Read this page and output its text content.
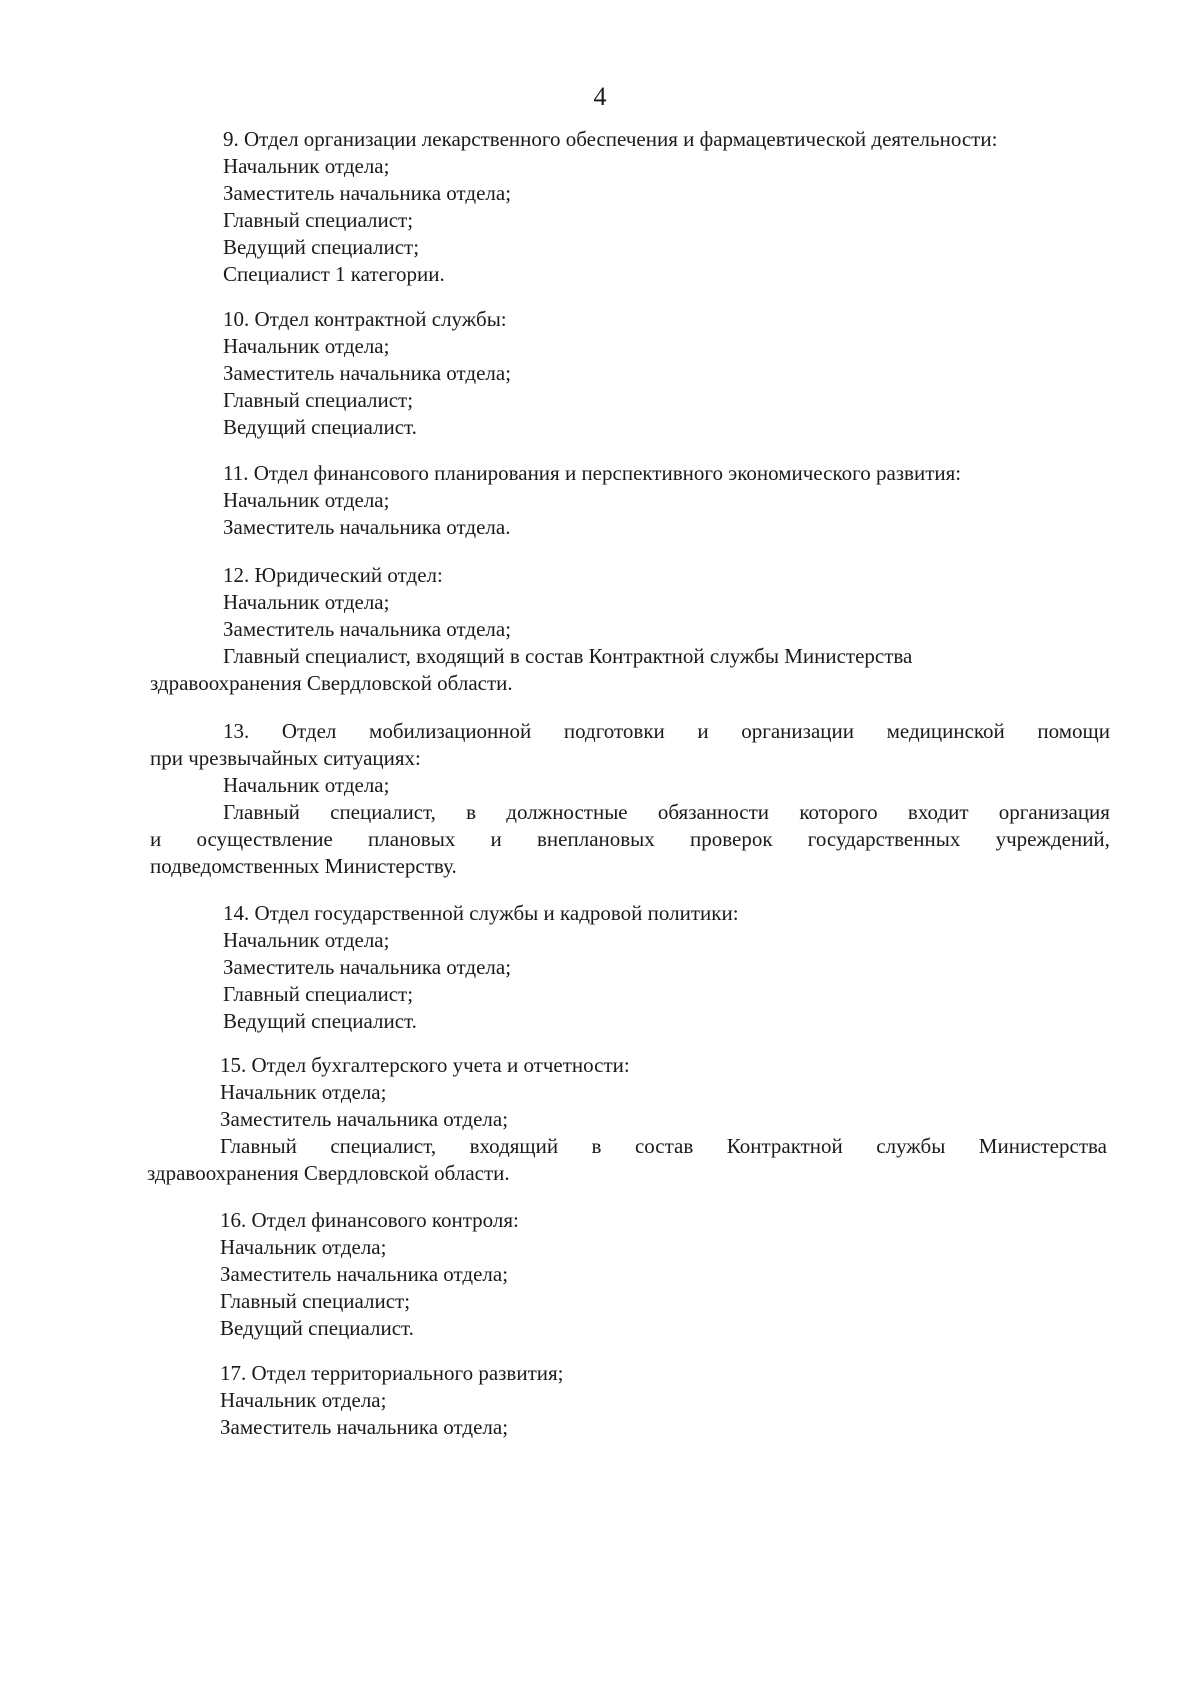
4
9. Отдел организации лекарственного обеспечения и фармацевтической деятельности:
Начальник отдела;
Заместитель начальника отдела;
Главный специалист;
Ведущий специалист;
Специалист 1 категории.
10. Отдел контрактной службы:
Начальник отдела;
Заместитель начальника отдела;
Главный специалист;
Ведущий специалист.
11. Отдел финансового планирования и перспективного экономического развития:
Начальник отдела;
Заместитель начальника отдела.
12. Юридический отдел:
Начальник отдела;
Заместитель начальника отдела;
Главный специалист, входящий в состав Контрактной службы Министерства
здравоохранения Свердловской области.
13. Отдел мобилизационной подготовки и организации медицинской помощи
при чрезвычайных ситуациях:
Начальник отдела;
Главный специалист, в должностные обязанности которого входит организация
и осуществление плановых и внеплановых проверок государственных учреждений,
подведомственных Министерству.
14. Отдел государственной службы и кадровой политики:
Начальник отдела;
Заместитель начальника отдела;
Главный специалист;
Ведущий специалист.
15. Отдел бухгалтерского учета и отчетности:
Начальник отдела;
Заместитель начальника отдела;
Главный специалист, входящий в состав Контрактной службы Министерства
здравоохранения Свердловской области.
16. Отдел финансового контроля:
Начальник отдела;
Заместитель начальника отдела;
Главный специалист;
Ведущий специалист.
17. Отдел территориального развития;
Начальник отдела;
Заместитель начальника отдела;
